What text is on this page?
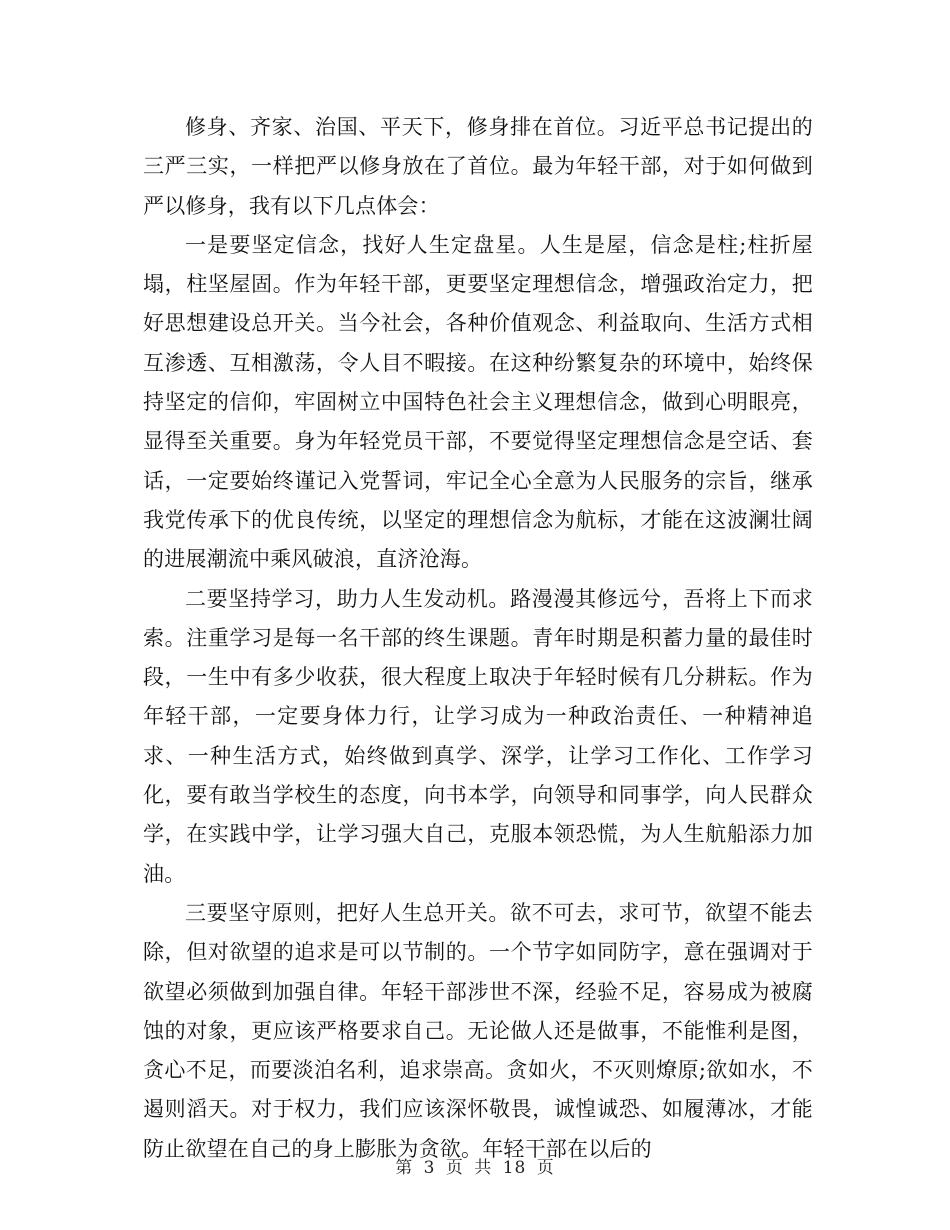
修身、齐家、治国、平天下，修身排在首位。习近平总书记提出的三严三实，一样把严以修身放在了首位。最为年轻干部，对于如何做到严以修身，我有以下几点体会：

一是要坚定信念，找好人生定盘星。人生是屋，信念是柱;柱折屋塌，柱坚屋固。作为年轻干部，更要坚定理想信念，增强政治定力，把好思想建设总开关。当今社会，各种价值观念、利益取向、生活方式相互渗透、互相激荡，令人目不暇接。在这种纷繁复杂的环境中，始终保持坚定的信仰，牢固树立中国特色社会主义理想信念，做到心明眼亮，显得至关重要。身为年轻党员干部，不要觉得坚定理想信念是空话、套话，一定要始终谨记入党誓词，牢记全心全意为人民服务的宗旨，继承我党传承下的优良传统，以坚定的理想信念为航标，才能在这波澜壮阔的进展潮流中乘风破浪，直济沧海。

二要坚持学习，助力人生发动机。路漫漫其修远兮，吾将上下而求索。注重学习是每一名干部的终生课题。青年时期是积蓄力量的最佳时段，一生中有多少收获，很大程度上取决于年轻时候有几分耕耘。作为年轻干部，一定要身体力行，让学习成为一种政治责任、一种精神追求、一种生活方式，始终做到真学、深学，让学习工作化、工作学习化，要有敢当学校生的态度，向书本学，向领导和同事学，向人民群众学，在实践中学，让学习强大自己，克服本领恐慌，为人生航船添力加油。

三要坚守原则，把好人生总开关。欲不可去，求可节，欲望不能去除，但对欲望的追求是可以节制的。一个节字如同防字，意在强调对于欲望必须做到加强自律。年轻干部涉世不深，经验不足，容易成为被腐蚀的对象，更应该严格要求自己。无论做人还是做事，不能惟利是图，贪心不足，而要淡泊名利，追求崇高。贪如火，不灭则燎原;欲如水，不遏则滔天。对于权力，我们应该深怀敬畏，诚惶诚恐、如履薄冰，才能防止欲望在自己的身上膨胀为贪欲。年轻干部在以后的

第 3 页 共 18 页
